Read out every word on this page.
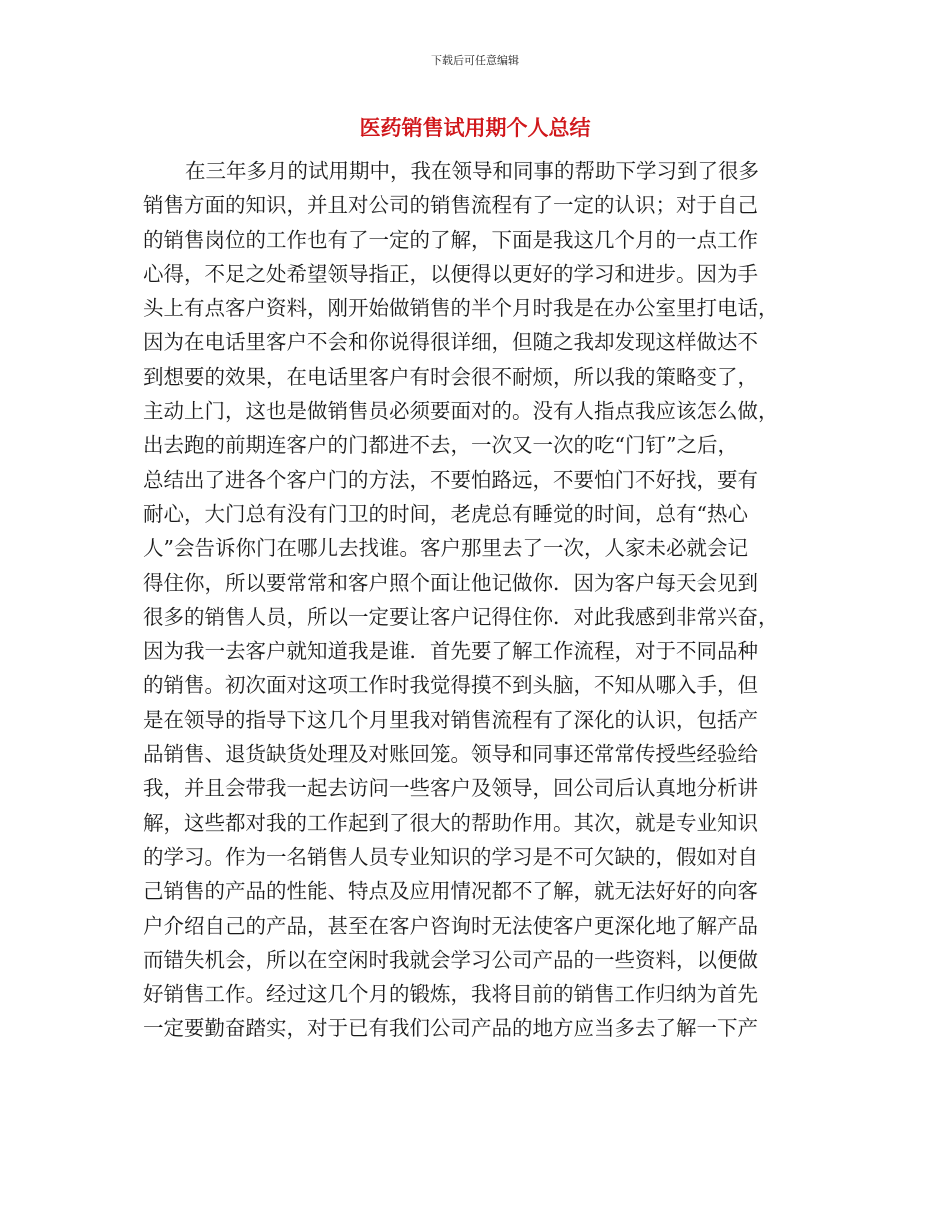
下载后可任意编辑
医药销售试用期个人总结
在三年多月的试用期中，我在领导和同事的帮助下学习到了很多
销售方面的知识，并且对公司的销售流程有了一定的认识；对于自己
的销售岗位的工作也有了一定的了解，下面是我这几个月的一点工作
心得，不足之处希望领导指正，以便得以更好的学习和进步。因为手
头上有点客户资料，刚开始做销售的半个月时我是在办公室里打电话，
因为在电话里客户不会和你说得很详细，但随之我却发现这样做达不
到想要的效果，在电话里客户有时会很不耐烦，所以我的策略变了，
主动上门，这也是做销售员必须要面对的。没有人指点我应该怎么做，
出去跑的前期连客户的门都进不去，一次又一次的吃“门钉”之后，
总结出了进各个客户门的方法，不要怕路远，不要怕门不好找，要有
耐心，大门总有没有门卫的时间，老虎总有睡觉的时间，总有“热心
人”会告诉你门在哪儿去找谁。客户那里去了一次，人家未必就会记
得住你，所以要常常和客户照个面让他记做你．因为客户每天会见到
很多的销售人员，所以一定要让客户记得住你．对此我感到非常兴奋，
因为我一去客户就知道我是谁．首先要了解工作流程，对于不同品种
的销售。初次面对这项工作时我觉得摸不到头脑，不知从哪入手，但
是在领导的指导下这几个月里我对销售流程有了深化的认识，包括产
品销售、退货缺货处理及对账回笼。领导和同事还常常传授些经验给
我，并且会带我一起去访问一些客户及领导，回公司后认真地分析讲
解，这些都对我的工作起到了很大的帮助作用。其次，就是专业知识
的学习。作为一名销售人员专业知识的学习是不可欠缺的，假如对自
己销售的产品的性能、特点及应用情况都不了解，就无法好好的向客
户介绍自己的产品，甚至在客户咨询时无法使客户更深化地了解产品
而错失机会，所以在空闲时我就会学习公司产品的一些资料，以便做
好销售工作。经过这几个月的锻炼，我将目前的销售工作归纳为首先
一定要勤奋踏实，对于已有我们公司产品的地方应当多去了解一下产
